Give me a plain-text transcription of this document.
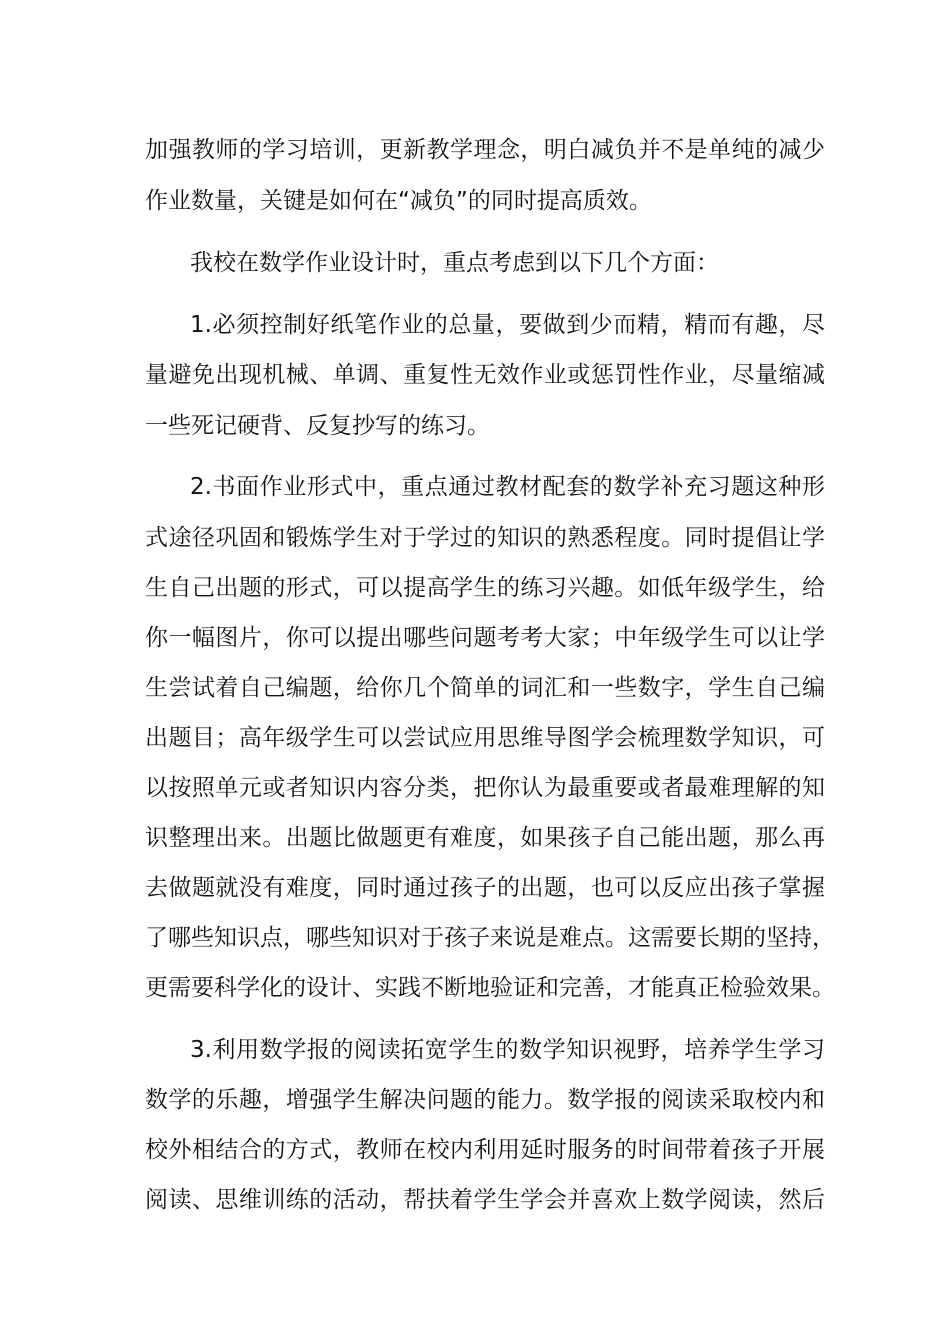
加强教师的学习培训，更新教学理念，明白减负并不是单纯的减少
作业数量，关键是如何在“减负”的同时提高质效。
我校在数学作业设计时，重点考虑到以下几个方面：
1.必须控制好纸笔作业的总量，要做到少而精，精而有趣，尽
量避免出现机械、单调、重复性无效作业或惩罚性作业，尽量缩减
一些死记硬背、反复抄写的练习。
2.书面作业形式中，重点通过教材配套的数学补充习题这种形
式途径巩固和锻炼学生对于学过的知识的熟悉程度。同时提倡让学
生自己出题的形式，可以提高学生的练习兴趣。如低年级学生，给
你一幅图片，你可以提出哪些问题考考大家；中年级学生可以让学
生尝试着自己编题，给你几个简单的词汇和一些数字，学生自己编
出题目；高年级学生可以尝试应用思维导图学会梳理数学知识，可
以按照单元或者知识内容分类，把你认为最重要或者最难理解的知
识整理出来。出题比做题更有难度，如果孩子自己能出题，那么再
去做题就没有难度，同时通过孩子的出题，也可以反应出孩子掌握
了哪些知识点，哪些知识对于孩子来说是难点。这需要长期的坚持，
更需要科学化的设计、实践不断地验证和完善，才能真正检验效果。
3.利用数学报的阅读拓宽学生的数学知识视野，培养学生学习
数学的乐趣，增强学生解决问题的能力。数学报的阅读采取校内和
校外相结合的方式，教师在校内利用延时服务的时间带着孩子开展
阅读、思维训练的活动，帮扶着学生学会并喜欢上数学阅读，然后
